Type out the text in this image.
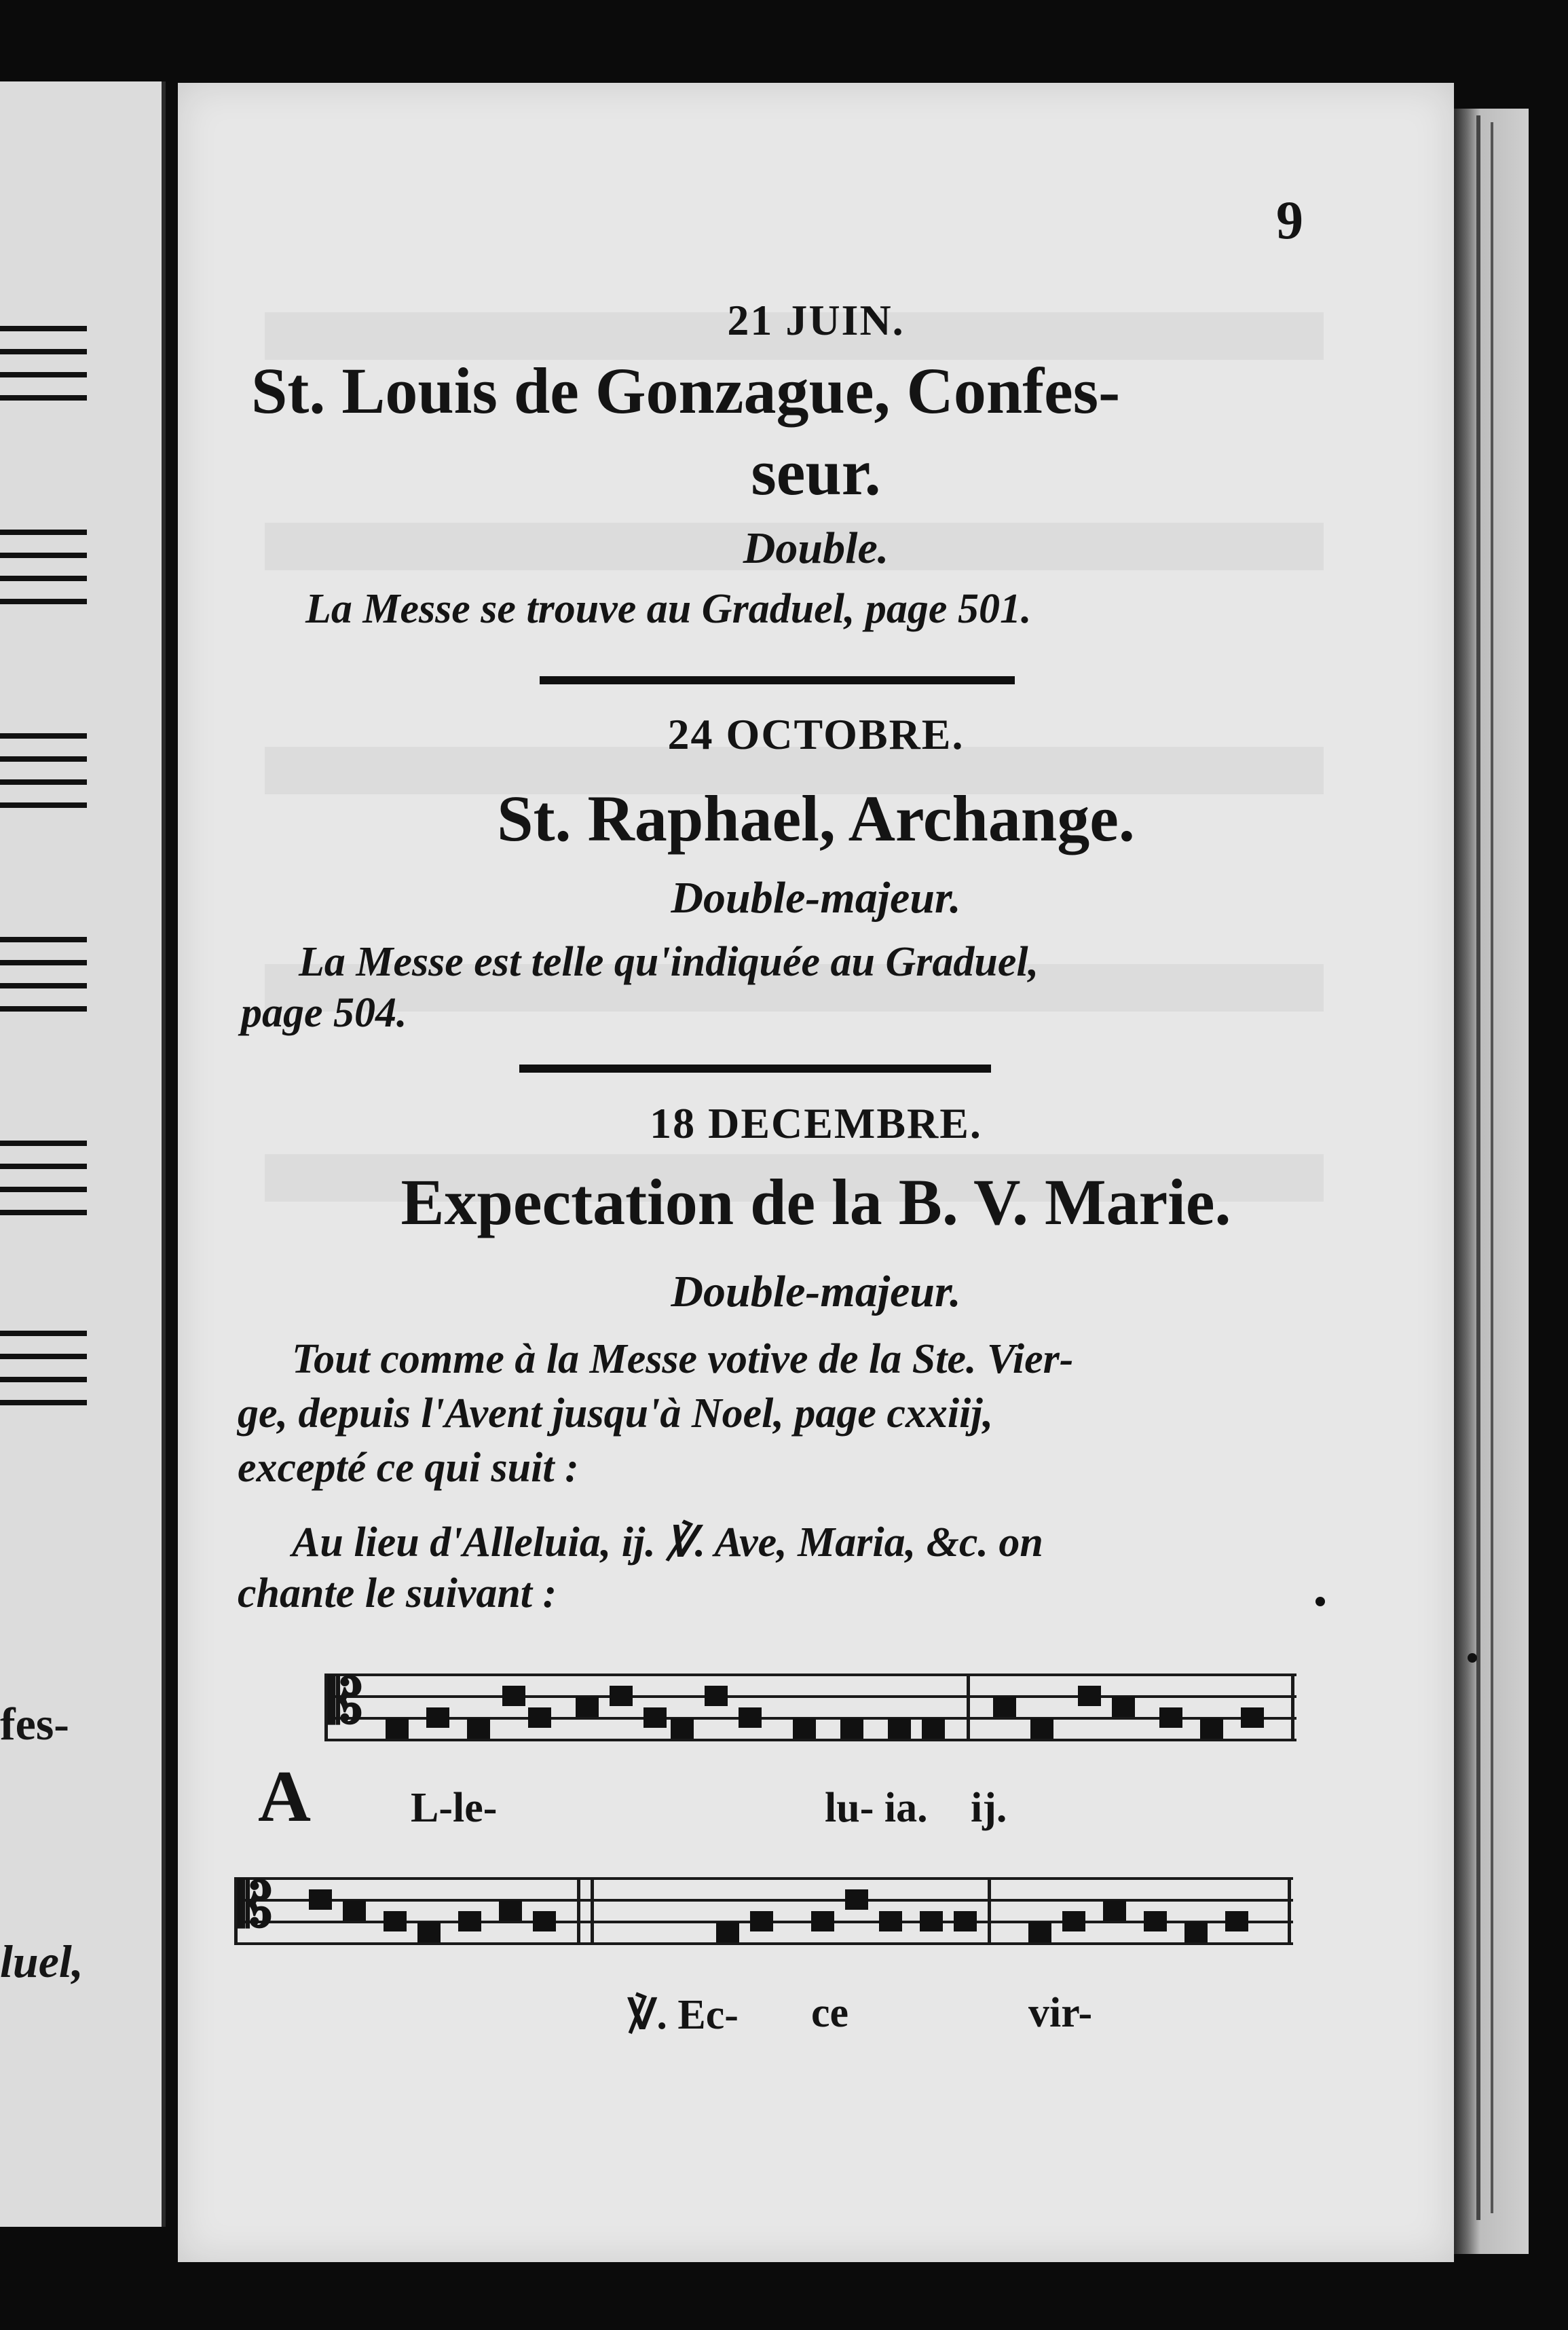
fes-
luel,
9
21 JUIN.
St. Louis de Gonzague, Confes-
seur.
Double.
La Messe se trouve au Graduel, page 501.
24 OCTOBRE.
St. Raphael, Archange.
Double-majeur.
La Messe est telle qu'indiquée au Graduel,
page 504.
18 DECEMBRE.
Expectation de la B. V. Marie.
Double-majeur.
Tout comme à la Messe votive de la Ste. Vier-
ge, depuis l'Avent jusqu'à Noel, page cxxiij,
excepté ce qui suit :
Au lieu d'Alleluia, ij. ℣. Ave, Maria, &c. on
chante le suivant :
𝄡
A L-le-	lu- ia. ij.
𝄡
℣. Ec- ce	vir-
